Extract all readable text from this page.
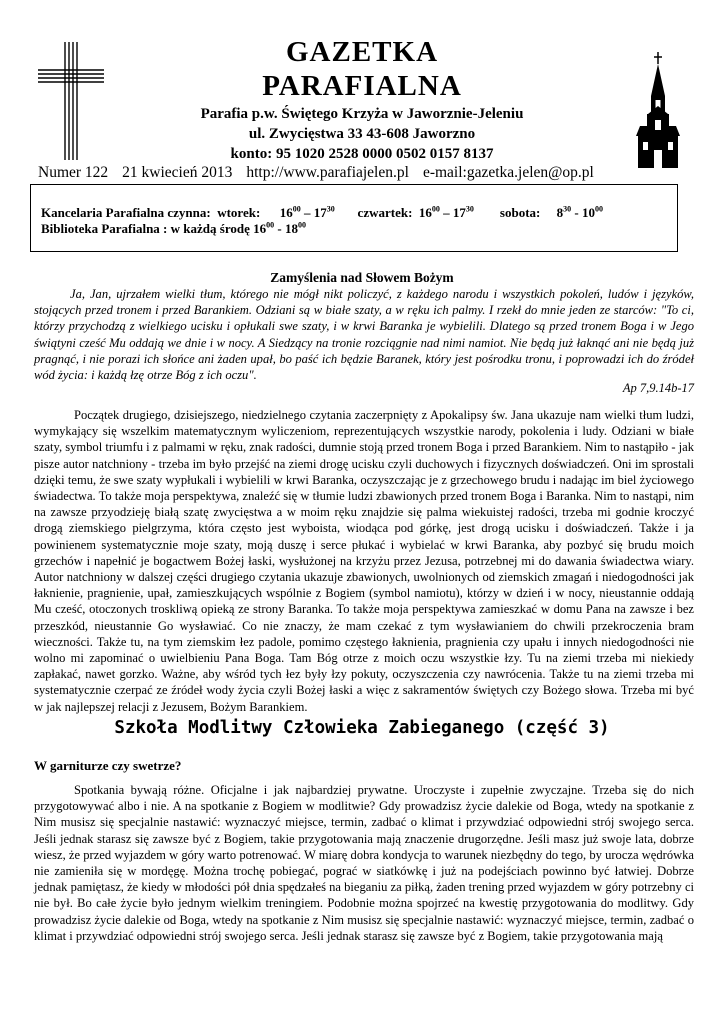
GAZETKA
PARAFIALNA
Parafia p.w. Świętego Krzyża w Jaworznie-Jeleniu
ul. Zwycięstwa 33 43-608 Jaworzno
konto: 95 1020 2528 0000 0502 0157 8137
Numer 122 21 kwiecień 2013 http://www.parafiajelen.pl e-mail:gazetka.jelen@op.pl
Kancelaria Parafialna czynna: wtorek: $16^{00} - 17^{30}$ czwartek: $16^{00} - 17^{30}$ sobota: $8^{30} - 10^{00}$
Biblioteka Parafialna : w każdą środę $16^{00} - 18^{00}$
Zamyślenia nad Słowem Bożym

Ja, Jan, ujrzałem wielki tłum, którego nie mógł nikt policzyć, z każdego narodu i wszystkich pokoleń, ludów i języków, stojących przed tronem i przed Barankiem. Odziani są w białe szaty, a w ręku ich palmy. I rzekł do mnie jeden ze starców: "To ci, którzy przychodzą z wielkiego ucisku i opłukali swe szaty, i w krwi Baranka je wybielili. Dlatego są przed tronem Boga i w Jego świątyni cześć Mu oddają we dnie i w nocy. A Siedzący na tronie rozciągnie nad nimi namiot. Nie będą już łaknąć ani nie będą już pragnąć, i nie porazi ich słońce ani żaden upał, bo paść ich będzie Baranek, który jest pośrodku tronu, i poprowadzi ich do źródeł wód życia: i każdą łzę otrze Bóg z ich oczu".

Ap 7,9.14b-17

Początek drugiego, dzisiejszego, niedzielnego czytania zaczerpnięty z Apokalipsy św. Jana ukazuje nam wielki tłum ludzi, wymykający się wszelkim matematycznym wyliczeniom, reprezentujących wszystkie narody, pokolenia i ludy. Odziani w białe szaty, symbol triumfu i z palmami w ręku, znak radości, dumnie stoją przed tronem Boga i przed Barankiem. Nim to nastąpiło - jak pisze autor natchniony - trzeba im było przejść na ziemi drogę ucisku czyli duchowych i fizycznych doświadczeń. Oni im sprostali dzięki temu, że swe szaty wypłukali i wybielili w krwi Baranka, oczyszczając je z grzechowego brudu i nadając im biel życiowego świadectwa. To także moja perspektywa, znaleźć się w tłumie ludzi zbawionych przed tronem Boga i Baranka. Nim to nastąpi, nim na zawsze przyodzieję białą szatę zwycięstwa a w moim ręku znajdzie się palma wiekuistej radości, trzeba mi godnie kroczyć drogą ziemskiego pielgrzyma, która często jest wyboista, wiodąca pod górkę, jest drogą ucisku i doświadczeń. Także i ja powinienem systematycznie moje szaty, moją duszę i serce płukać i wybielać w krwi Baranka, aby pozbyć się brudu moich grzechów i napełnić je bogactwem Bożej łaski, wysłużonej na krzyżu przez Jezusa, potrzebnej mi do dawania świadectwa wiary. Autor natchniony w dalszej części drugiego czytania ukazuje zbawionych, uwolnionych od ziemskich zmagań i niedogodności jak łaknienie, pragnienie, upał, zamieszkujących wspólnie z Bogiem (symbol namiotu), którzy w dzień i w nocy, nieustannie oddają Mu cześć, otoczonych troskliwą opieką ze strony Baranka. To także moja perspektywa zamieszkać w domu Pana na zawsze i bez przeszkód, nieustannie Go wysławiać. Co nie znaczy, że mam czekać z tym wysławianiem do chwili przekroczenia bram wieczności. Także tu, na tym ziemskim łez padole, pomimo częstego łaknienia, pragnienia czy upału i innych niedogodności nie wolno mi zapominać o uwielbieniu Pana Boga. Tam Bóg otrze z moich oczu wszystkie łzy. Tu na ziemi trzeba mi niekiedy zapłakać, nawet gorzko. Ważne, aby wśród tych łez były łzy pokuty, oczyszczenia czy nawrócenia. Także tu na ziemi trzeba mi systematycznie czerpać ze źródeł wody życia czyli Bożej łaski a więc z sakramentów świętych czy Bożego słowa. Trzeba mi być w jak najlepszej relacji z Jezusem, Bożym Barankiem.

Szkoła Modlitwy Człowieka Zabieganego (część 3)
W garniturze czy swetrze?

Spotkania bywają różne. Oficjalne i jak najbardziej prywatne. Uroczyste i zupełnie zwyczajne. Trzeba się do nich przygotowywać albo i nie. A na spotkanie z Bogiem w modlitwie? Gdy prowadzisz życie dalekie od Boga, wtedy na spotkanie z Nim musisz się specjalnie nastawić: wyznaczyć miejsce, termin, zadbać o klimat i przywdziać odpowiedni strój swojego serca. Jeśli jednak starasz się zawsze być z Bogiem, takie przygotowania mają znaczenie drugorzędne. Jeśli masz już swoje lata, dobrze wiesz, że przed wyjazdem w góry warto potrenować. W miarę dobra kondycja to warunek niezbędny do tego, by urocza wędrówka nie zamieniła się w mordęgę. Można trochę pobiegać, pograć w siatkówkę i już na podejściach powinno być łatwiej. Dobrze jednak pamiętasz, że kiedy w młodości pół dnia spędzałeś na bieganiu za piłką, żaden trening przed wyjazdem w góry potrzebny ci nie był. Bo całe życie było jednym wielkim treningiem. Podobnie można spojrzeć na kwestię przygotowania do modlitwy. Gdy prowadzisz życie dalekie od Boga, wtedy na spotkanie z Nim musisz się specjalnie nastawić: wyznaczyć miejsce, termin, zadbać o klimat i przywdziać odpowiedni strój swojego serca. Jeśli jednak starasz się zawsze być z Bogiem, takie przygotowania mają
